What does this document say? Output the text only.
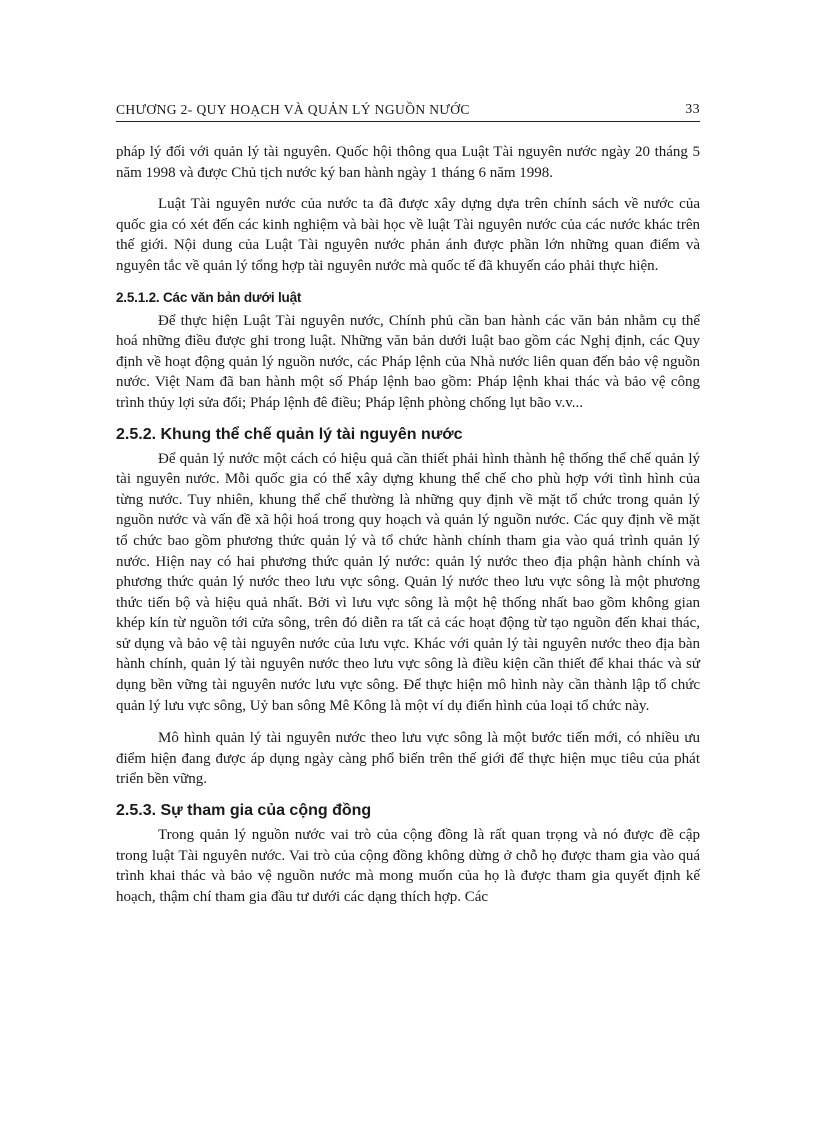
CHƯƠNG 2- QUY HOẠCH VÀ QUẢN LÝ NGUỒN NƯỚC	33

pháp lý đối với quản lý tài nguyên. Quốc hội thông qua Luật Tài nguyên nước ngày 20 tháng 5 năm 1998 và được Chủ tịch nước ký ban hành ngày 1 tháng 6 năm 1998.

Luật Tài nguyên nước của nước ta đã được xây dựng dựa trên chính sách về nước của quốc gia có xét đến các kinh nghiệm và bài học về luật Tài nguyên nước của các nước khác trên thế giới. Nội dung của Luật Tài nguyên nước phản ánh được phần lớn những quan điểm và nguyên tắc về quản lý tổng hợp tài nguyên nước mà quốc tế đã khuyến cáo phải thực hiện.

2.5.1.2. Các văn bản dưới luật

Để thực hiện Luật Tài nguyên nước, Chính phủ cần ban hành các văn bản nhằm cụ thể hoá những điều được ghi trong luật. Những văn bản dưới luật bao gồm các Nghị định, các Quy định về hoạt động quản lý nguồn nước, các Pháp lệnh của Nhà nước liên quan đến bảo vệ nguồn nước. Việt Nam đã ban hành một số Pháp lệnh bao gồm: Pháp lệnh khai thác và bảo vệ công trình thủy lợi sửa đổi; Pháp lệnh đê điều; Pháp lệnh phòng chống lụt bão v.v...

2.5.2. Khung thể chế quản lý tài nguyên nước

Để quản lý nước một cách có hiệu quả cần thiết phải hình thành hệ thống thể chế quản lý tài nguyên nước. Mỗi quốc gia có thể xây dựng khung thể chế cho phù hợp với tình hình của từng nước. Tuy nhiên, khung thể chế thường là những quy định về mặt tổ chức trong quản lý nguồn nước và vấn đề xã hội hoá trong quy hoạch và quản lý nguồn nước. Các quy định về mặt tổ chức bao gồm phương thức quản lý và tổ chức hành chính tham gia vào quá trình quản lý nước. Hiện nay có hai phương thức quản lý nước: quản lý nước theo địa phận hành chính và phương thức quản lý nước theo lưu vực sông. Quản lý nước theo lưu vực sông là một phương thức tiến bộ và hiệu quả nhất. Bởi vì lưu vực sông là một hệ thống nhất bao gồm không gian khép kín từ nguồn tới cửa sông, trên đó diễn ra tất cả các hoạt động từ tạo nguồn đến khai thác, sử dụng và bảo vệ tài nguyên nước của lưu vực. Khác với quản lý tài nguyên nước theo địa bàn hành chính, quản lý tài nguyên nước theo lưu vực sông là điều kiện cần thiết để khai thác và sử dụng bền vững tài nguyên nước lưu vực sông. Để thực hiện mô hình này cần thành lập tổ chức quản lý lưu vực sông, Uỷ ban sông Mê Kông là một ví dụ điển hình của loại tổ chức này.

Mô hình quản lý tài nguyên nước theo lưu vực sông là một bước tiến mới, có nhiều ưu điểm hiện đang được áp dụng ngày càng phổ biến trên thế giới để thực hiện mục tiêu của phát triển bền vững.

2.5.3. Sự tham gia của cộng đồng

Trong quản lý nguồn nước vai trò của cộng đồng là rất quan trọng và nó được đề cập trong luật Tài nguyên nước. Vai trò của cộng đồng không dừng ở chỗ họ được tham gia vào quá trình khai thác và bảo vệ nguồn nước mà mong muốn của họ là được tham gia quyết định kế hoạch, thậm chí tham gia đầu tư dưới các dạng thích hợp. Các
